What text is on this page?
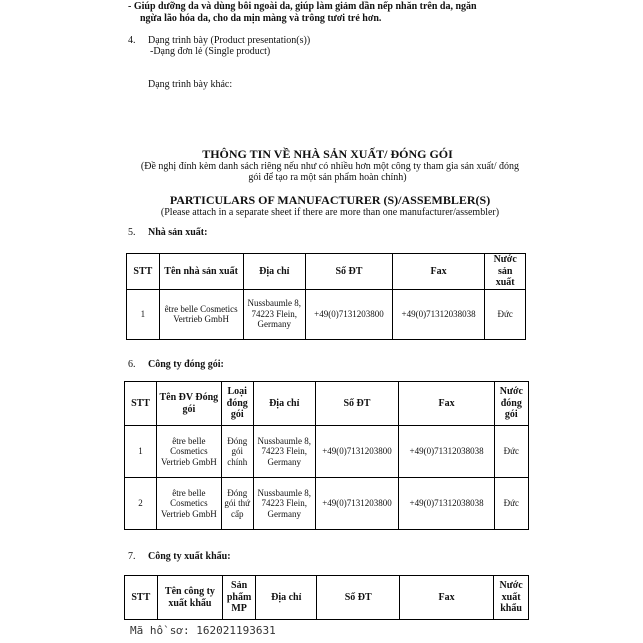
- Giúp dưỡng da và dùng bôi ngoài da, giúp làm giảm dần nếp nhăn trên da, ngăn
ngừa lão hóa da, cho da mịn màng và trông tươi trẻ hơn.
4. Dạng trình bày (Product presentation(s))
-Dạng đơn lẻ (Single product)
Dạng trình bày khác:
THÔNG TIN VỀ NHÀ SẢN XUẤT/ ĐÓNG GÓI
(Đề nghị đính kèm danh sách riêng nếu như có nhiều hơn một công ty tham gia sản xuất/ đóng
gói để tạo ra một sản phẩm hoàn chỉnh)
PARTICULARS OF MANUFACTURER (S)/ASSEMBLER(S)
(Please attach in a separate sheet if there are more than one manufacturer/assembler)
5. Nhà sản xuất:
STT	Tên nhà sản xuất	Địa chỉ	Số ĐT	Fax	Nước sản xuất
1	être belle Cosmetics Vertrieb GmbH	Nussbaumle 8, 74223 Flein, Germany	+49(0)7131203800	+49(0)71312038038	Đức
6. Công ty đóng gói:
STT	Tên ĐV Đóng gói	Loại đóng gói	Địa chỉ	Số ĐT	Fax	Nước đóng gói
1	être belle Cosmetics Vertrieb GmbH	Đóng gói chính	Nussbaumle 8, 74223 Flein, Germany	+49(0)7131203800	+49(0)71312038038	Đức
2	être belle Cosmetics Vertrieb GmbH	Đóng gói thứ cấp	Nussbaumle 8, 74223 Flein, Germany	+49(0)7131203800	+49(0)71312038038	Đức
7. Công ty xuất khẩu:
STT	Tên công ty xuất khẩu	Sản phẩm MP	Địa chỉ	Số ĐT	Fax	Nước xuất khẩu
Mã hồ sơ: 162021193631
